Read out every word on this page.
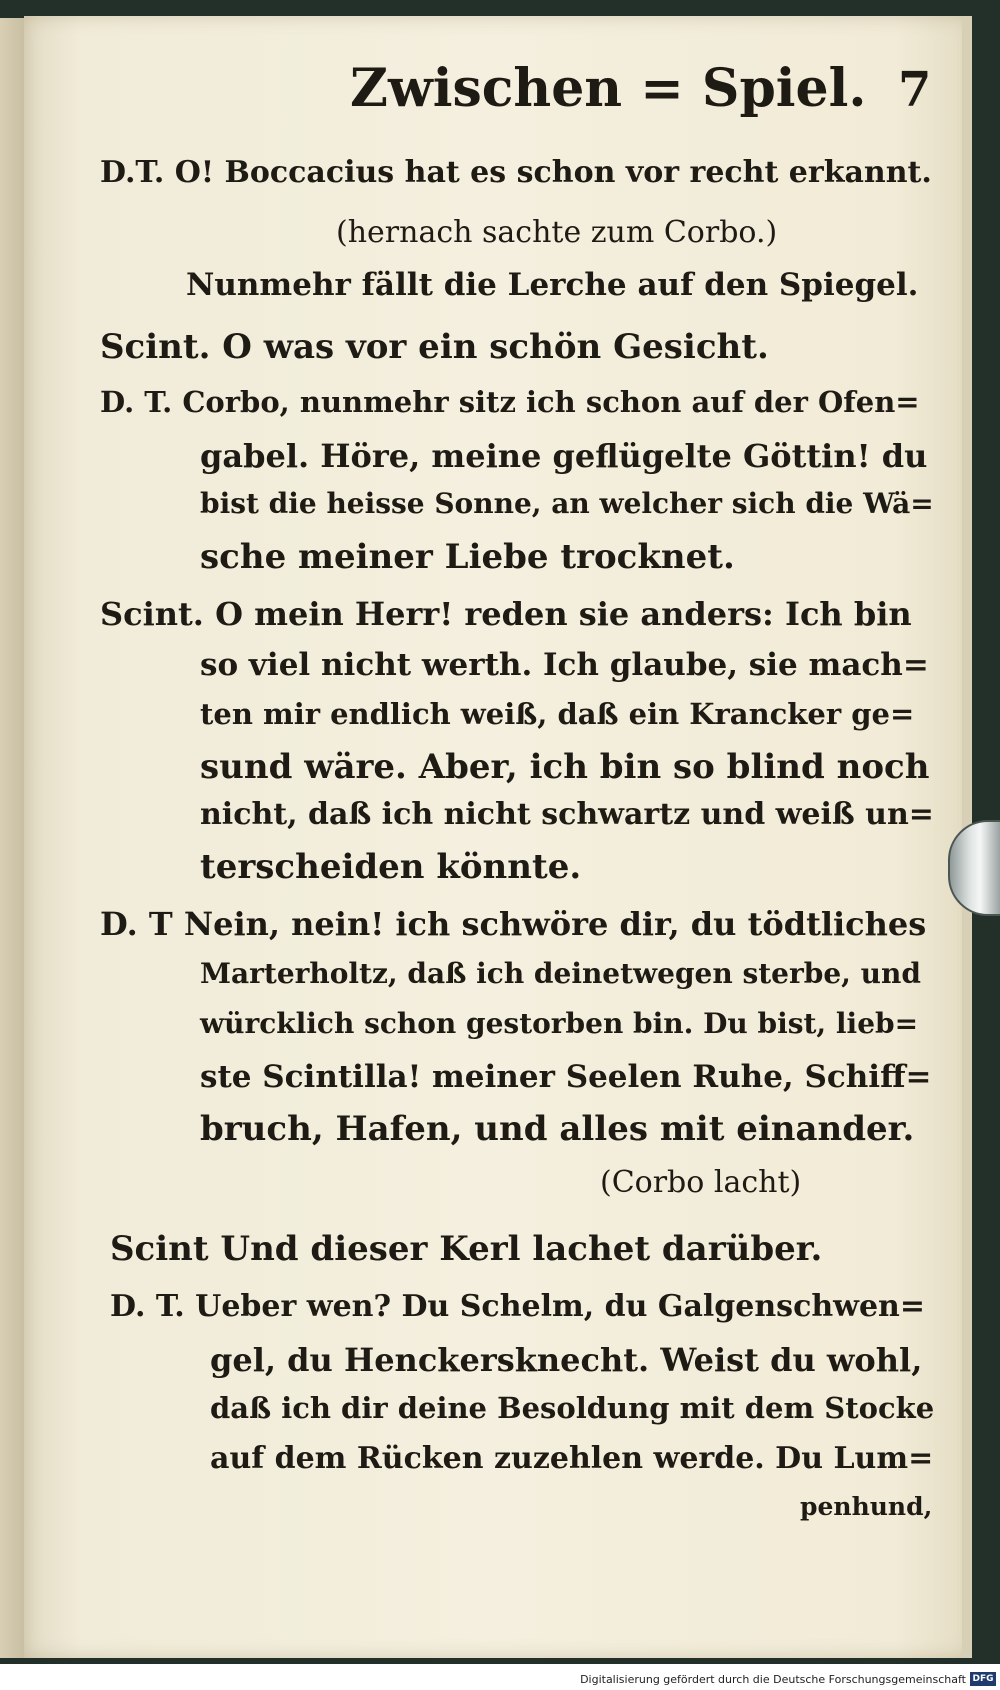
Zwischen = Spiel. 7
D.T. O! Boccacius hat es schon vor recht erkannt.
(hernach sachte zum Corbo.)
Nunmehr fällt die Lerche auf den Spiegel.
Scint. O was vor ein schön Gesicht.
D. T. Corbo, nunmehr sitz ich schon auf der Ofen=
gabel. Höre, meine geflügelte Göttin! du
bist die heisse Sonne, an welcher sich die Wä=
sche meiner Liebe trocknet.
Scint. O mein Herr! reden sie anders: Ich bin
so viel nicht werth. Ich glaube, sie mach=
ten mir endlich weiß, daß ein Krancker ge=
sund wäre. Aber, ich bin so blind noch
nicht, daß ich nicht schwartz und weiß un=
terscheiden könnte.
D. T Nein, nein! ich schwöre dir, du tödtliches
Marterholtz, daß ich deinetwegen sterbe, und
würcklich schon gestorben bin. Du bist, lieb=
ste Scintilla! meiner Seelen Ruhe, Schiff=
bruch, Hafen, und alles mit einander.
(Corbo lacht)
Scint Und dieser Kerl lachet darüber.
D. T. Ueber wen? Du Schelm, du Galgenschwen=
gel, du Henckersknecht. Weist du wohl,
daß ich dir deine Besoldung mit dem Stocke
auf dem Rücken zuzehlen werde. Du Lum=
penhund,
Digitalisierung gefördert durch die Deutsche Forschungsgemeinschaft DFG
